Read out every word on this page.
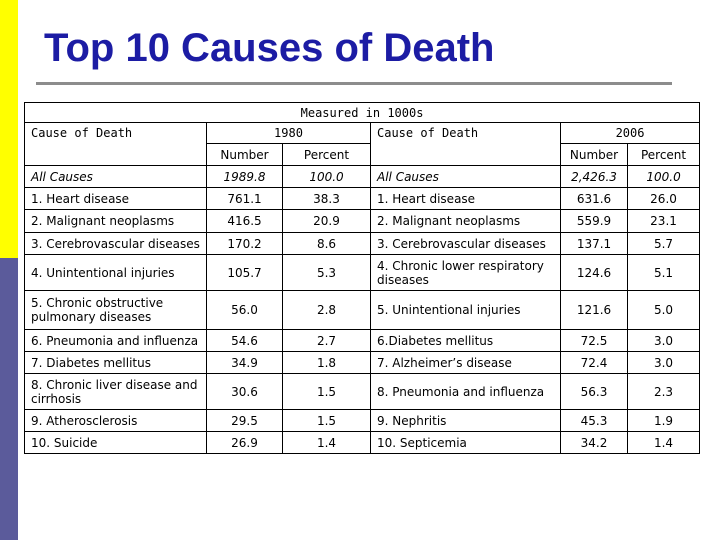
Top 10 Causes of Death
Measured in 1000s					
Cause of Death	1980		Cause of Death	2006	
	Number	Percent		Number	Percent
All Causes	1989.8	100.0	All Causes	2,426.3	100.0
1. Heart disease	761.1	38.3	1. Heart disease	631.6	26.0
2. Malignant neoplasms	416.5	20.9	2. Malignant neoplasms	559.9	23.1
3. Cerebrovascular diseases	170.2	8.6	3. Cerebrovascular diseases	137.1	5.7
4. Unintentional injuries	105.7	5.3	4. Chronic lower respiratory diseases	124.6	5.1
5. Chronic obstructive pulmonary diseases	56.0	2.8	5. Unintentional injuries	121.6	5.0
6. Pneumonia and influenza	54.6	2.7	6.Diabetes mellitus	72.5	3.0
7. Diabetes mellitus	34.9	1.8	7. Alzheimer’s disease	72.4	3.0
8. Chronic liver disease and cirrhosis	30.6	1.5	8. Pneumonia and influenza	56.3	2.3
9. Atherosclerosis	29.5	1.5	9. Nephritis	45.3	1.9
10. Suicide	26.9	1.4	10. Septicemia	34.2	1.4
